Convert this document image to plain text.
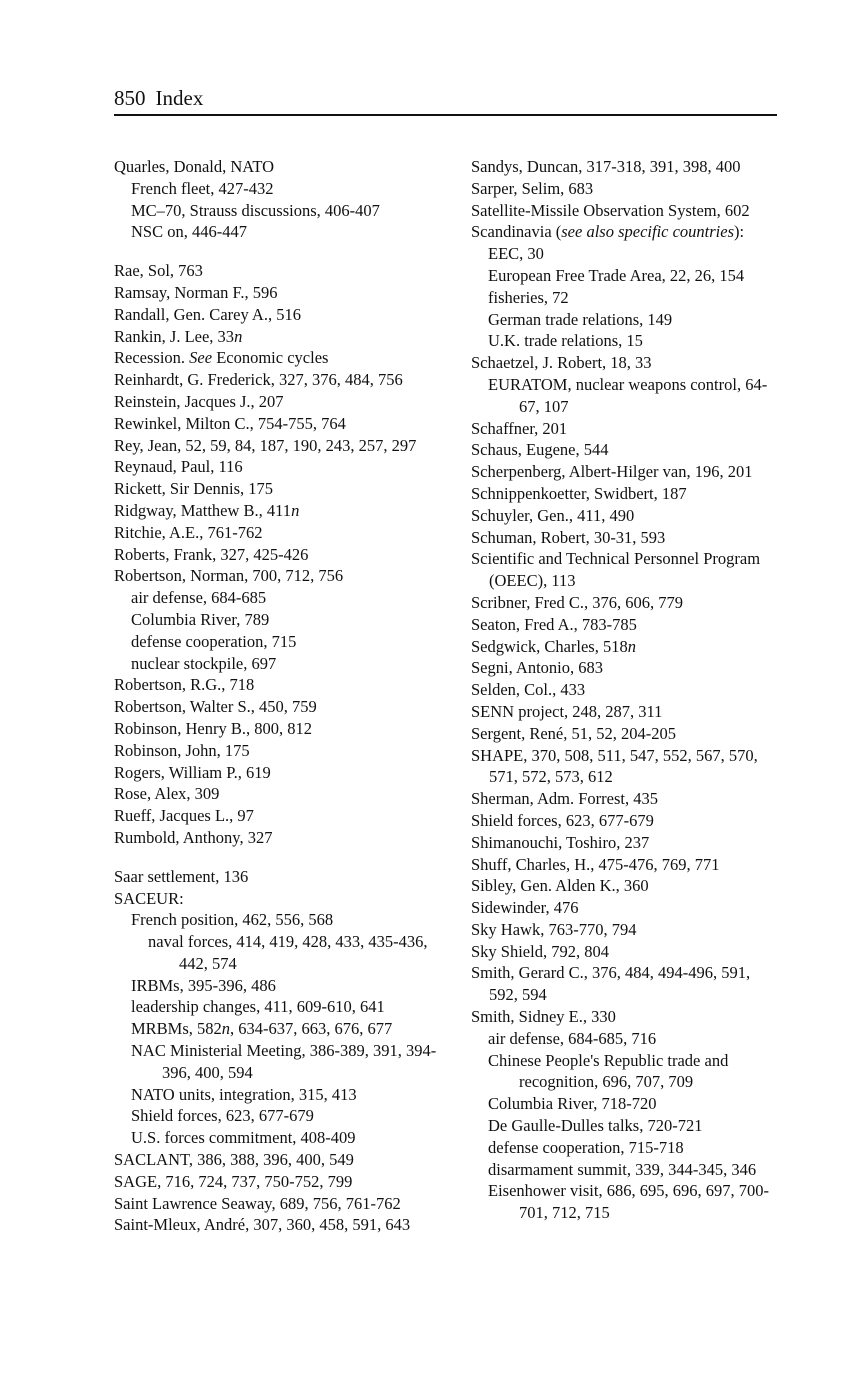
850 Index

Quarles, Donald, NATO

French fleet, 427-432

MC–70, Strauss discussions, 406-407

NSC on, 446-447

Rae, Sol, 763

Ramsay, Norman F., 596

Randall, Gen. Carey A., 516

Rankin, J. Lee, 33n

Recession. See Economic cycles

Reinhardt, G. Frederick, 327, 376, 484, 756

Reinstein, Jacques J., 207

Rewinkel, Milton C., 754-755, 764

Rey, Jean, 52, 59, 84, 187, 190, 243, 257, 297

Reynaud, Paul, 116

Rickett, Sir Dennis, 175

Ridgway, Matthew B., 411n

Ritchie, A.E., 761-762

Roberts, Frank, 327, 425-426

Robertson, Norman, 700, 712, 756

air defense, 684-685

Columbia River, 789

defense cooperation, 715

nuclear stockpile, 697

Robertson, R.G., 718

Robertson, Walter S., 450, 759

Robinson, Henry B., 800, 812

Robinson, John, 175

Rogers, William P., 619

Rose, Alex, 309

Rueff, Jacques L., 97

Rumbold, Anthony, 327

Saar settlement, 136

SACEUR:

French position, 462, 556, 568

naval forces, 414, 419, 428, 433, 435-436, 442, 574

IRBMs, 395-396, 486

leadership changes, 411, 609-610, 641

MRBMs, 582n, 634-637, 663, 676, 677

NAC Ministerial Meeting, 386-389, 391, 394-396, 400, 594

NATO units, integration, 315, 413

Shield forces, 623, 677-679

U.S. forces commitment, 408-409

SACLANT, 386, 388, 396, 400, 549

SAGE, 716, 724, 737, 750-752, 799

Saint Lawrence Seaway, 689, 756, 761-762

Saint-Mleux, André, 307, 360, 458, 591, 643

Sandys, Duncan, 317-318, 391, 398, 400

Sarper, Selim, 683

Satellite-Missile Observation System, 602

Scandinavia (see also specific countries):

EEC, 30

European Free Trade Area, 22, 26, 154

fisheries, 72

German trade relations, 149

U.K. trade relations, 15

Schaetzel, J. Robert, 18, 33

EURATOM, nuclear weapons control, 64-67, 107

Schaffner, 201

Schaus, Eugene, 544

Scherpenberg, Albert-Hilger van, 196, 201

Schnippenkoetter, Swidbert, 187

Schuyler, Gen., 411, 490

Schuman, Robert, 30-31, 593

Scientific and Technical Personnel Program (OEEC), 113

Scribner, Fred C., 376, 606, 779

Seaton, Fred A., 783-785

Sedgwick, Charles, 518n

Segni, Antonio, 683

Selden, Col., 433

SENN project, 248, 287, 311

Sergent, René, 51, 52, 204-205

SHAPE, 370, 508, 511, 547, 552, 567, 570, 571, 572, 573, 612

Sherman, Adm. Forrest, 435

Shield forces, 623, 677-679

Shimanouchi, Toshiro, 237

Shuff, Charles, H., 475-476, 769, 771

Sibley, Gen. Alden K., 360

Sidewinder, 476

Sky Hawk, 763-770, 794

Sky Shield, 792, 804

Smith, Gerard C., 376, 484, 494-496, 591, 592, 594

Smith, Sidney E., 330

air defense, 684-685, 716

Chinese People's Republic trade and recognition, 696, 707, 709

Columbia River, 718-720

De Gaulle-Dulles talks, 720-721

defense cooperation, 715-718

disarmament summit, 339, 344-345, 346

Eisenhower visit, 686, 695, 696, 697, 700-701, 712, 715
